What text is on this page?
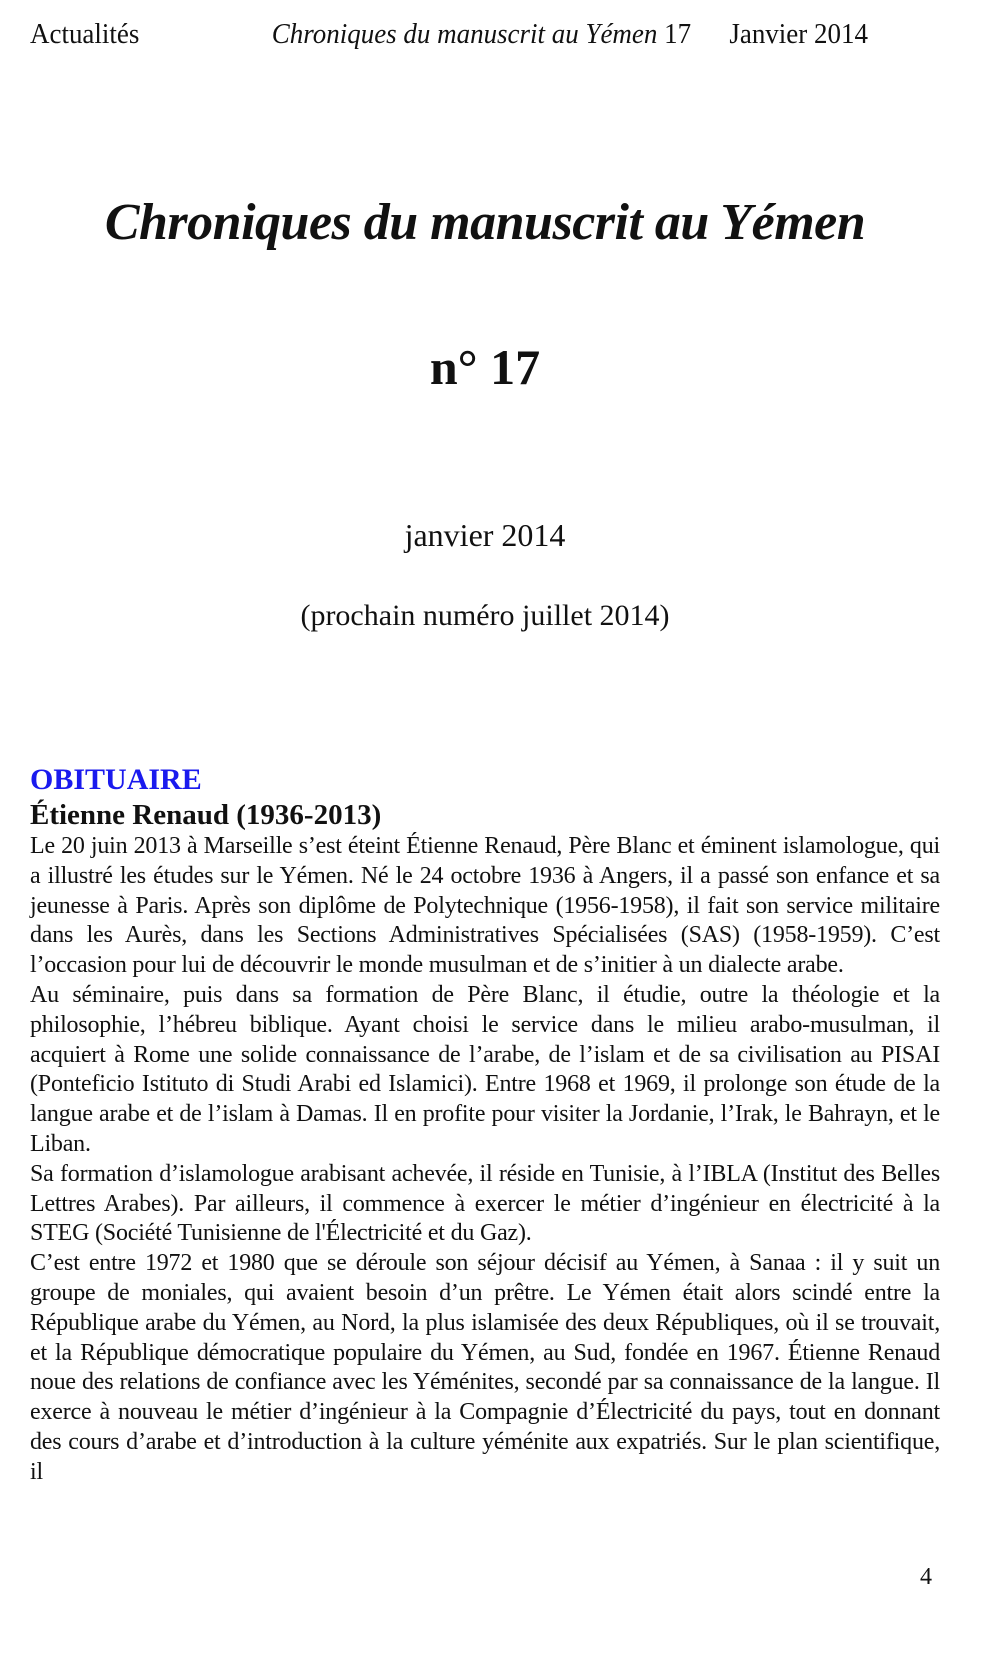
Actualités	Chroniques du manuscrit au Yémen 17 Janvier 2014
Chroniques du manuscrit au Yémen
n° 17
janvier 2014
(prochain numéro juillet 2014)
OBITUAIRE
Étienne Renaud (1936-2013)

Le 20 juin 2013 à Marseille s’est éteint Étienne Renaud, Père Blanc et éminent islamologue, qui a illustré les études sur le Yémen. Né le 24 octobre 1936 à Angers, il a passé son enfance et sa jeunesse à Paris. Après son diplôme de Polytechnique (1956-1958), il fait son service militaire dans les Aurès, dans les Sections Administratives Spécialisées (SAS) (1958-1959). C’est l’occasion pour lui de découvrir le monde musulman et de s’initier à un dialecte arabe.

Au séminaire, puis dans sa formation de Père Blanc, il étudie, outre la théologie et la philosophie, l’hébreu biblique. Ayant choisi le service dans le milieu arabo-musulman, il acquiert à Rome une solide connaissance de l’arabe, de l’islam et de sa civilisation au PISAI (Ponteficio Istituto di Studi Arabi ed Islamici). Entre 1968 et 1969, il prolonge son étude de la langue arabe et de l’islam à Damas. Il en profite pour visiter la Jordanie, l’Irak, le Bahrayn, et le Liban.

Sa formation d’islamologue arabisant achevée, il réside en Tunisie, à l’IBLA (Institut des Belles Lettres Arabes). Par ailleurs, il commence à exercer le métier d’ingénieur en électricité à la STEG (Société Tunisienne de l'Électricité et du Gaz).

C’est entre 1972 et 1980 que se déroule son séjour décisif au Yémen, à Sanaa : il y suit un groupe de moniales, qui avaient besoin d’un prêtre. Le Yémen était alors scindé entre la République arabe du Yémen, au Nord, la plus islamisée des deux Républiques, où il se trouvait, et la République démocratique populaire du Yémen, au Sud, fondée en 1967. Étienne Renaud noue des relations de confiance avec les Yéménites, secondé par sa connaissance de la langue. Il exerce à nouveau le métier d’ingénieur à la Compagnie d’Électricité du pays, tout en donnant des cours d’arabe et d’introduction à la culture yéménite aux expatriés. Sur le plan scientifique, il

4
